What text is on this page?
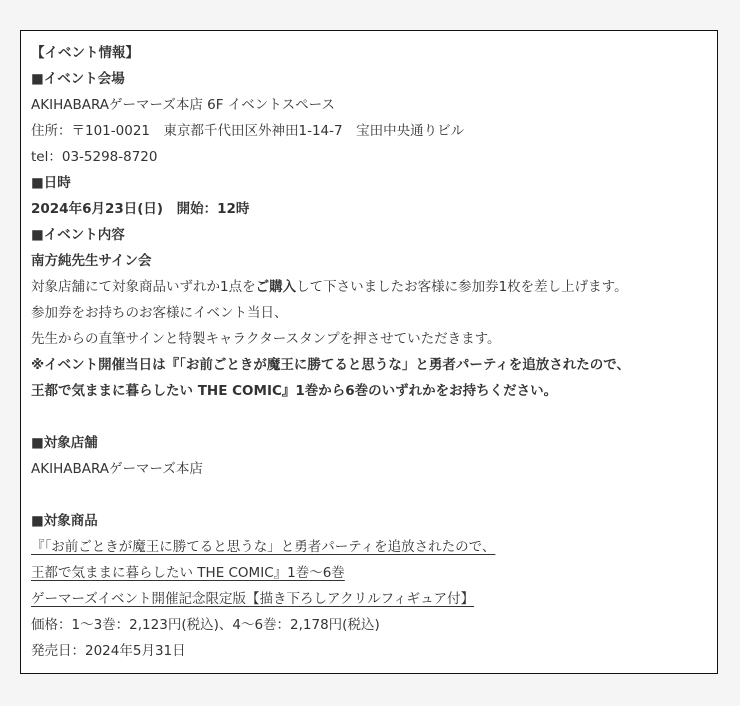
【イベント情報】
■イベント会場
AKIHABARAゲーマーズ本店 6F イベントスペース
住所：〒101-0021　東京都千代田区外神田1-14-7　宝田中央通りビル
tel：03-5298-8720
■日時
2024年6月23日(日)　開始：12時
■イベント内容
南方純先生サイン会
対象店舗にて対象商品いずれか1点をご購入して下さいましたお客様に参加券1枚を差し上げます。
参加券をお持ちのお客様にイベント当日、
先生からの直筆サインと特製キャラクタースタンプを押させていただきます。
※イベント開催当日は『「お前ごときが魔王に勝てると思うな」と勇者パーティを追放されたので、
王都で気ままに暮らしたい THE COMIC』1巻から6巻のいずれかをお持ちください。
■対象店舗
AKIHABARAゲーマーズ本店
■対象商品
『「お前ごときが魔王に勝てると思うな」と勇者パーティを追放されたので、
王都で気ままに暮らしたい THE COMIC』1巻～6巻
ゲーマーズイベント開催記念限定版【描き下ろしアクリルフィギュア付】
価格：1～3巻：2,123円(税込)、4～6巻：2,178円(税込)
発売日：2024年5月31日
